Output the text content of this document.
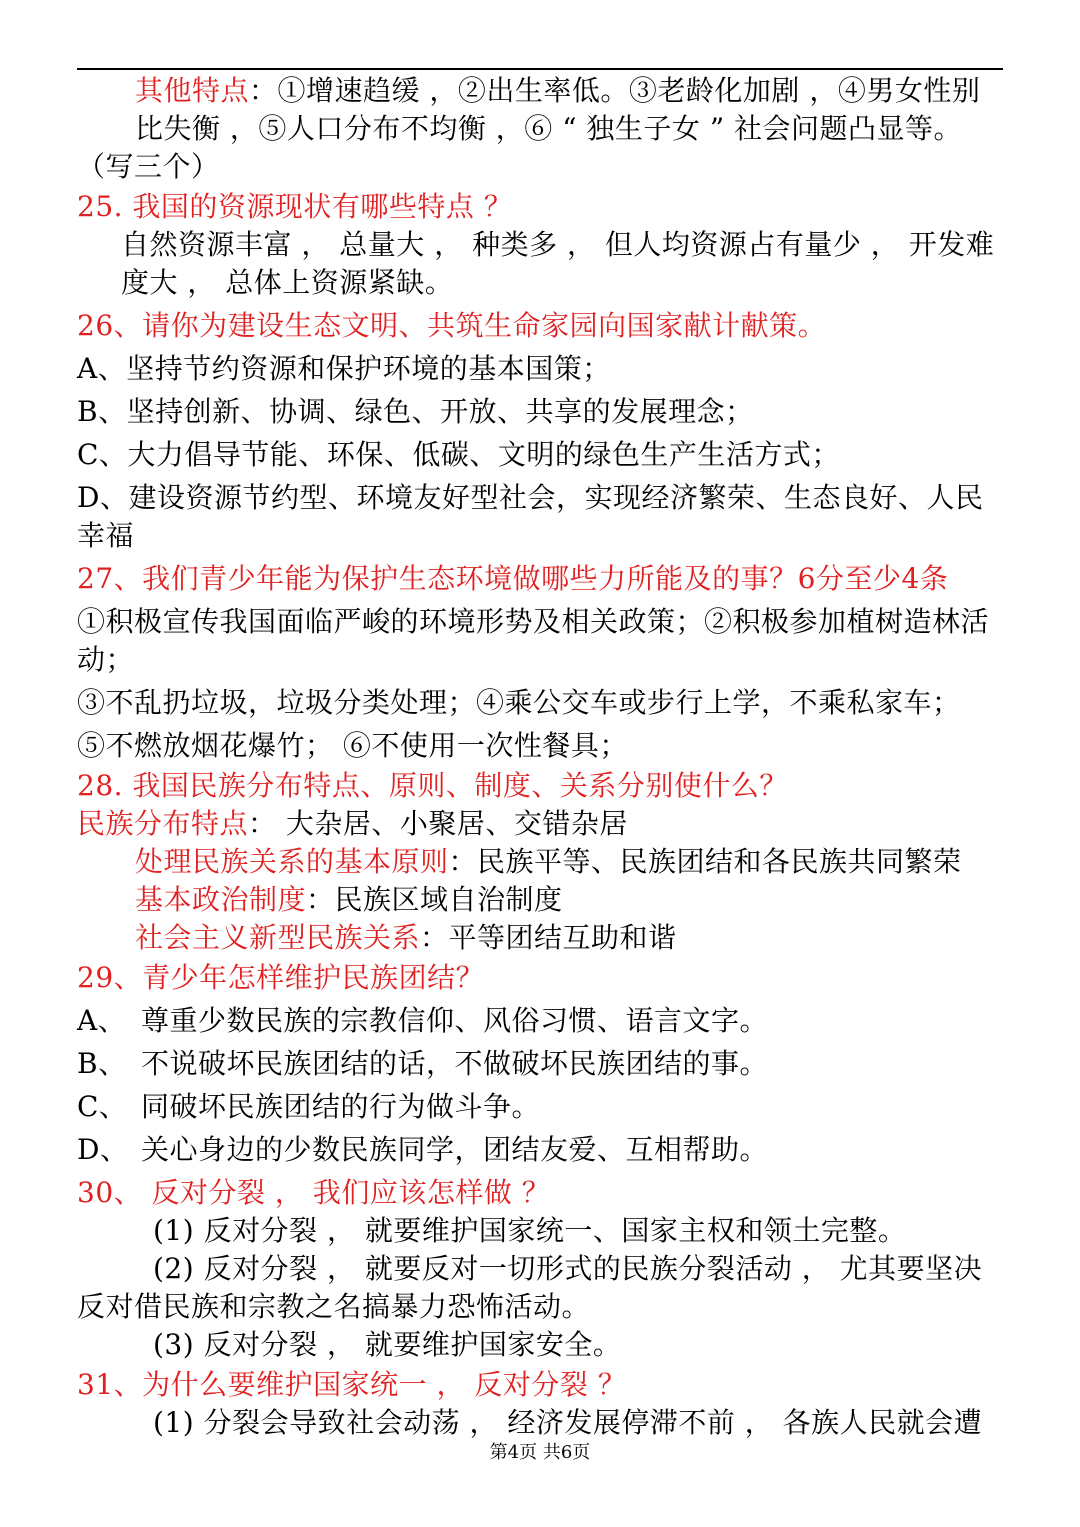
其他特点：①增速趋缓 ，②出生率低。③老龄化加剧 ，④男女性别比失衡 ，⑤人口分布不均衡 ，⑥ “ 独生子女 ” 社会问题凸显等。

（写三个）

25. 我国的资源现状有哪些特点 ？

自然资源丰富 ， 总量大 ， 种类多 ， 但人均资源占有量少 ， 开发难度大 ， 总体上资源紧缺。

26、请你为建设生态文明、共筑生命家园向国家献计献策。

A、坚持节约资源和保护环境的基本国策；

B、坚持创新、协调、绿色、开放、共享的发展理念；

C、大力倡导节能、环保、低碳、文明的绿色生产生活方式；

D、建设资源节约型、环境友好型社会，实现经济繁荣、生态良好、人民幸福

27、我们青少年能为保护生态环境做哪些力所能及的事？6分至少4条

①积极宣传我国面临严峻的环境形势及相关政策；②积极参加植树造林活动；

③不乱扔垃圾，垃圾分类处理；④乘公交车或步行上学，不乘私家车；

⑤不燃放烟花爆竹； ⑥不使用一次性餐具；

28. 我国民族分布特点、原则、制度、关系分别使什么？

民族分布特点： 大杂居、小聚居、交错杂居

处理民族关系的基本原则：民族平等、民族团结和各民族共同繁荣

基本政治制度：民族区域自治制度

社会主义新型民族关系：平等团结互助和谐

29、青少年怎样维护民族团结？

A、 尊重少数民族的宗教信仰、风俗习惯、语言文字。

B、 不说破坏民族团结的话，不做破坏民族团结的事。

C、 同破坏民族团结的行为做斗争。

D、 关心身边的少数民族同学，团结友爱、互相帮助。

30、 反对分裂 ， 我们应该怎样做 ？

(1) 反对分裂 ， 就要维护国家统一、国家主权和领土完整。

(2) 反对分裂 ， 就要反对一切形式的民族分裂活动 ， 尤其要坚决反对借民族和宗教之名搞暴力恐怖活动。

(3) 反对分裂 ， 就要维护国家安全。

31、为什么要维护国家统一 ， 反对分裂 ？

(1) 分裂会导致社会动荡 ， 经济发展停滞不前 ， 各族人民就会遭

第4页 共6页
